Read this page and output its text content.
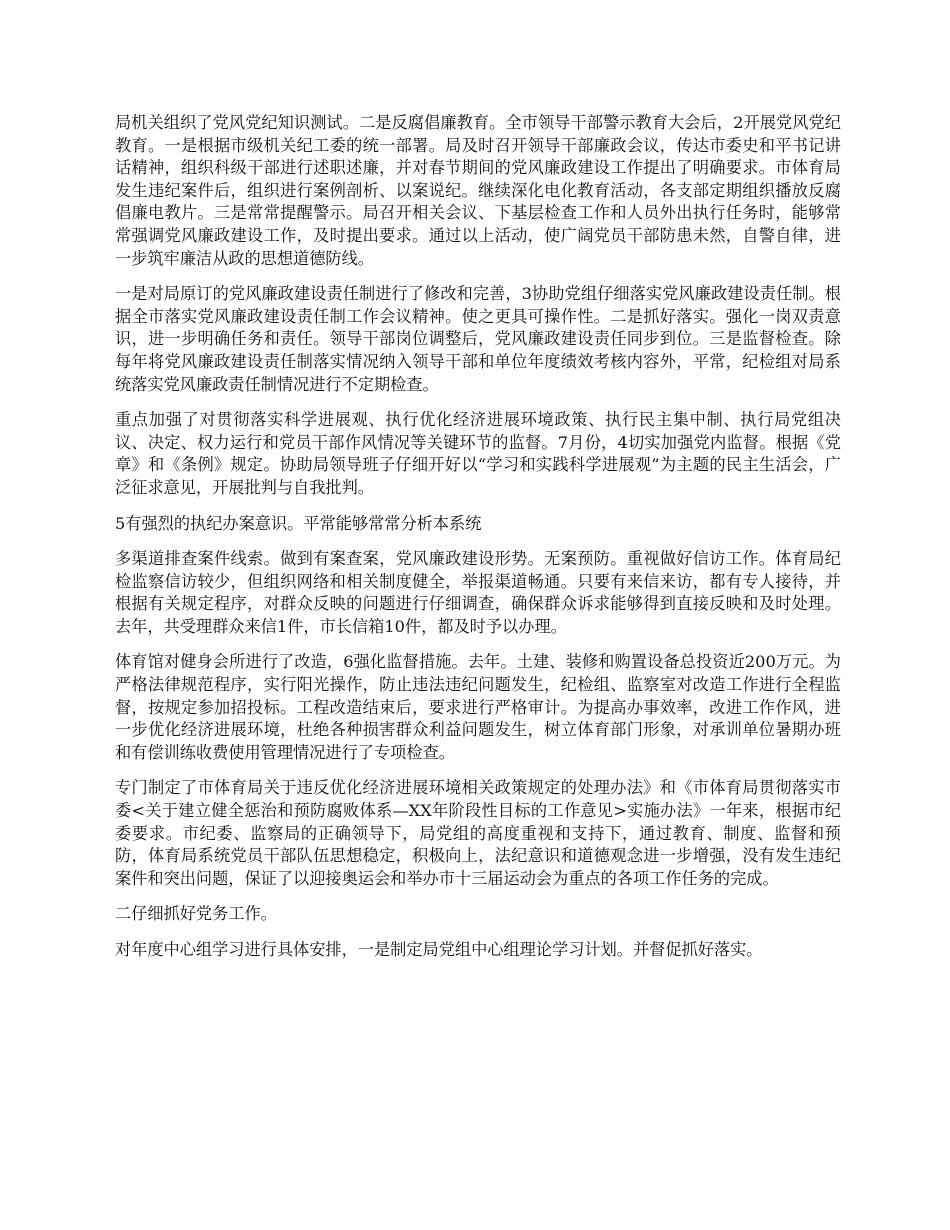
局机关组织了党风党纪知识测试。二是反腐倡廉教育。全市领导干部警示教育大会后，2开展党风党纪教育。一是根据市级机关纪工委的统一部署。局及时召开领导干部廉政会议，传达市委史和平书记讲话精神，组织科级干部进行述职述廉，并对春节期间的党风廉政建设工作提出了明确要求。市体育局发生违纪案件后，组织进行案例剖析、以案说纪。继续深化电化教育活动，各支部定期组织播放反腐倡廉电教片。三是常常提醒警示。局召开相关会议、下基层检查工作和人员外出执行任务时，能够常常强调党风廉政建设工作，及时提出要求。通过以上活动，使广阔党员干部防患未然，自警自律，进一步筑牢廉洁从政的思想道德防线。

一是对局原订的党风廉政建设责任制进行了修改和完善，3协助党组仔细落实党风廉政建设责任制。根据全市落实党风廉政建设责任制工作会议精神。使之更具可操作性。二是抓好落实。强化一岗双责意识，进一步明确任务和责任。领导干部岗位调整后，党风廉政建设责任同步到位。三是监督检查。除每年将党风廉政建设责任制落实情况纳入领导干部和单位年度绩效考核内容外，平常，纪检组对局系统落实党风廉政责任制情况进行不定期检查。

重点加强了对贯彻落实科学进展观、执行优化经济进展环境政策、执行民主集中制、执行局党组决议、决定、权力运行和党员干部作风情况等关键环节的监督。7月份，4切实加强党内监督。根据《党章》和《条例》规定。协助局领导班子仔细开好以“学习和实践科学进展观”为主题的民主生活会，广泛征求意见，开展批判与自我批判。

5有强烈的执纪办案意识。平常能够常常分析本系统

多渠道排查案件线索。做到有案查案，党风廉政建设形势。无案预防。重视做好信访工作。体育局纪检监察信访较少，但组织网络和相关制度健全，举报渠道畅通。只要有来信来访，都有专人接待，并根据有关规定程序，对群众反映的问题进行仔细调查，确保群众诉求能够得到直接反映和及时处理。去年，共受理群众来信1件，市长信箱10件，都及时予以办理。

体育馆对健身会所进行了改造，6强化监督措施。去年。土建、装修和购置设备总投资近200万元。为严格法律规范程序，实行阳光操作，防止违法违纪问题发生，纪检组、监察室对改造工作进行全程监督，按规定参加招投标。工程改造结束后，要求进行严格审计。为提高办事效率，改进工作作风，进一步优化经济进展环境，杜绝各种损害群众利益问题发生，树立体育部门形象，对承训单位暑期办班和有偿训练收费使用管理情况进行了专项检查。

专门制定了市体育局关于违反优化经济进展环境相关政策规定的处理办法》和《市体育局贯彻落实市委<关于建立健全惩治和预防腐败体系—XX年阶段性目标的工作意见>实施办法》一年来，根据市纪委要求。市纪委、监察局的正确领导下，局党组的高度重视和支持下，通过教育、制度、监督和预防，体育局系统党员干部队伍思想稳定，积极向上，法纪意识和道德观念进一步增强，没有发生违纪案件和突出问题，保证了以迎接奥运会和举办市十三届运动会为重点的各项工作任务的完成。

二仔细抓好党务工作。

对年度中心组学习进行具体安排，一是制定局党组中心组理论学习计划。并督促抓好落实。
